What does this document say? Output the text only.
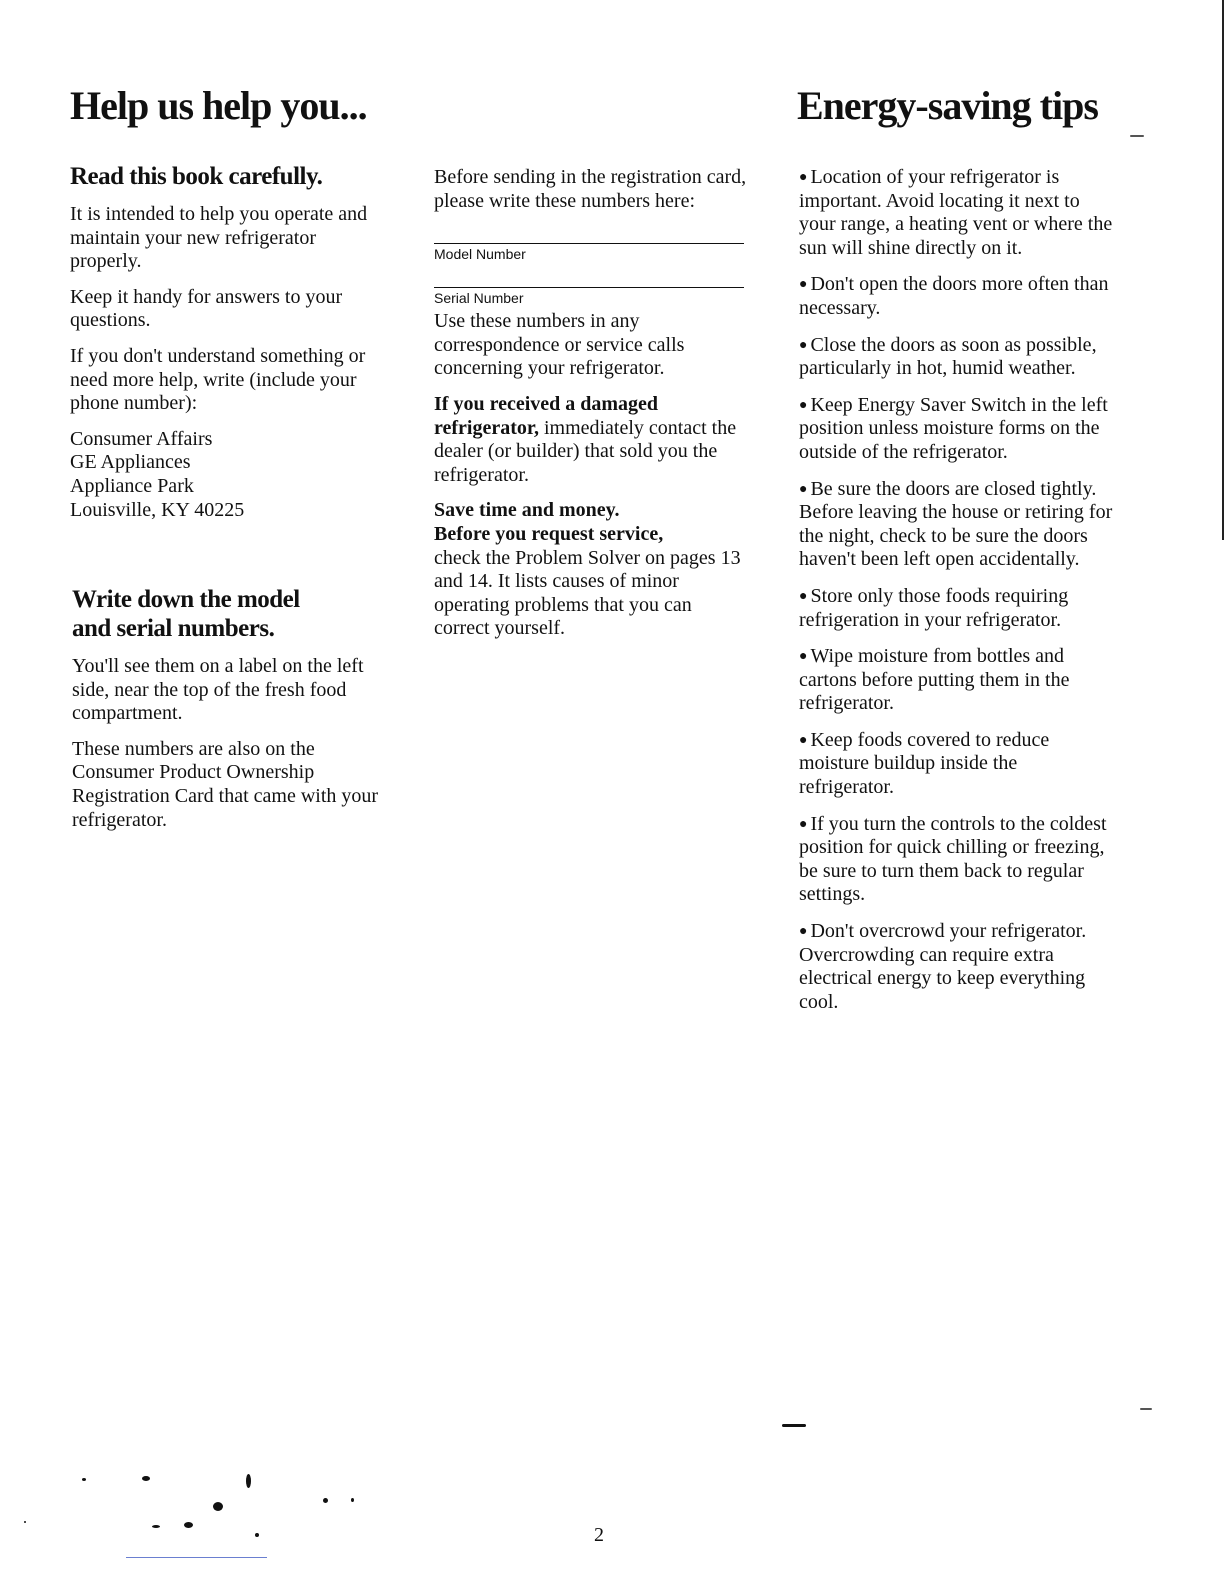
Help us help you...
Read this book carefully.

It is intended to help you operate and maintain your new refrigerator properly.

Keep it handy for answers to your questions.

If you don't understand something or need more help, write (include your phone number):

Consumer Affairs

GE Appliances

Appliance Park

Louisville, KY 40225

Write down the model
and serial numbers.

You'll see them on a label on the left side, near the top of the fresh food compartment.

These numbers are also on the Consumer Product Ownership Registration Card that came with your refrigerator.

Before sending in the registration card, please write these numbers here:

Model Number
Serial Number

Use these numbers in any correspondence or service calls concerning your refrigerator.

If you received a damaged refrigerator, immediately contact the dealer (or builder) that sold you the refrigerator.

Save time and money.
Before you request service,
check the Problem Solver on pages 13 and 14. It lists causes of minor operating problems that you can correct yourself.

Energy-saving tips

● Location of your refrigerator is important. Avoid locating it next to your range, a heating vent or where the sun will shine directly on it.

● Don't open the doors more often than necessary.

● Close the doors as soon as possible, particularly in hot, humid weather.

● Keep Energy Saver Switch in the left position unless moisture forms on the outside of the refrigerator.

● Be sure the doors are closed tightly. Before leaving the house or retiring for the night, check to be sure the doors haven't been left open accidentally.

● Store only those foods requiring refrigeration in your refrigerator.

● Wipe moisture from bottles and cartons before putting them in the refrigerator.

● Keep foods covered to reduce moisture buildup inside the refrigerator.

● If you turn the controls to the coldest position for quick chilling or freezing, be sure to turn them back to regular settings.

● Don't overcrowd your refrigerator. Overcrowding can require extra electrical energy to keep everything cool.

2
